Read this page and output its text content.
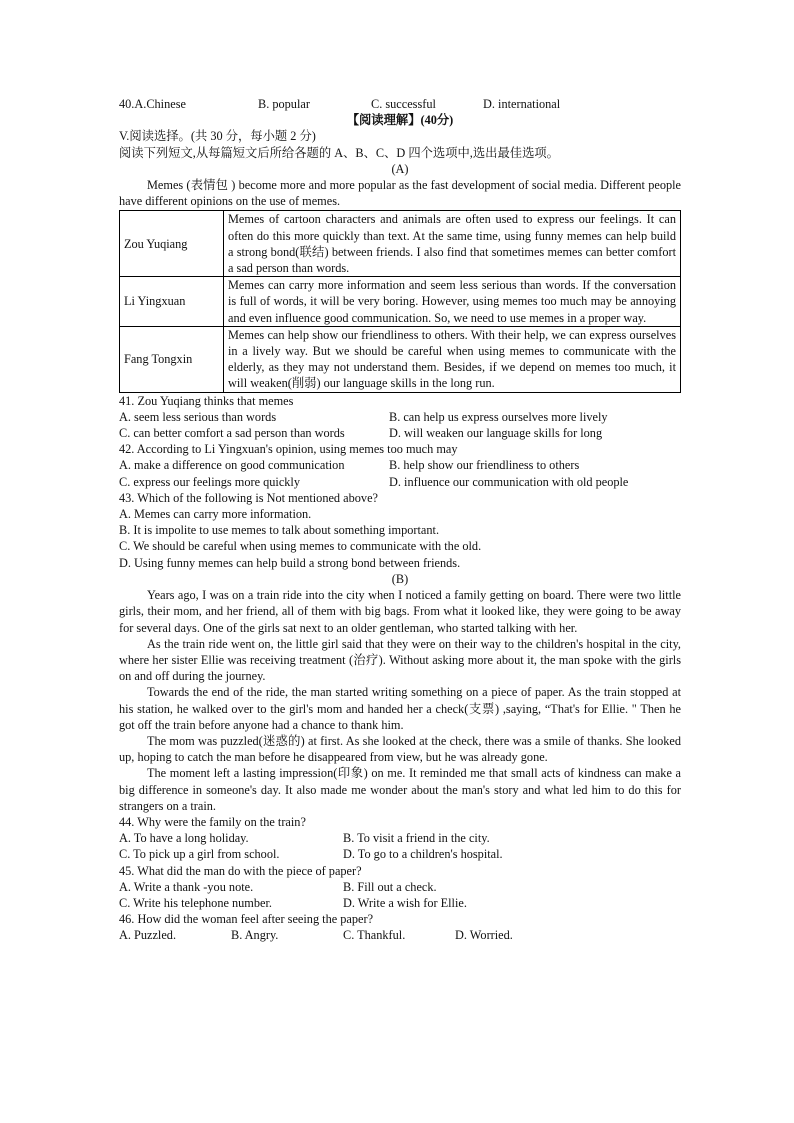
40.A.Chinese	B. popular	C. successful	D. international
【阅读理解】(40分)
V.阅读选择。(共 30 分，每小题 2 分)
阅读下列短文,从每篇短文后所给各题的 A、B、C、D 四个选项中,选出最佳选项。
(A)

Memes (表情包 ) become more and more popular as the fast development of social media. Different people have different opinions on the use of memes.

Zou Yuqiang	Memes of cartoon characters and animals are often used to express our feelings. It can often do this more quickly than text. At the same time, using funny memes can help build a strong bond(联结) between friends. I also find that sometimes memes can better comfort a sad person than words.
Li Yingxuan	Memes can carry more information and seem less serious than words. If the conversation is full of words, it will be very boring. However, using memes too much may be annoying and even influence good communication. So, we need to use memes in a proper way.
Fang Tongxin	Memes can help show our friendliness to others. With their help, we can express ourselves in a lively way. But we should be careful when using memes to communicate with the elderly, as they may not understand them. Besides, if we depend on memes too much, it will weaken(削弱) our language skills in the long run.
41. Zou Yuqiang thinks that memes
A. seem less serious than words	B. can help us express ourselves more lively
C. can better comfort a sad person than words	D. will weaken our language skills for long
42. According to Li Yingxuan's opinion, using memes too much may
A. make a difference on good communication	B. help show our friendliness to others
C. express our feelings more quickly	D. influence our communication with old people
43. Which of the following is Not mentioned above?
A. Memes can carry more information.
B. It is impolite to use memes to talk about something important.
C. We should be careful when using memes to communicate with the old.
D. Using funny memes can help build a strong bond between friends.
(B)

Years ago, I was on a train ride into the city when I noticed a family getting on board. There were two little girls, their mom, and her friend, all of them with big bags. From what it looked like, they were going to be away for several days. One of the girls sat next to an older gentleman, who started talking with her.

As the train ride went on, the little girl said that they were on their way to the children's hospital in the city, where her sister Ellie was receiving treatment (治疗). Without asking more about it, the man spoke with the girls on and off during the journey.

Towards the end of the ride, the man started writing something on a piece of paper. As the train stopped at his station, he walked over to the girl's mom and handed her a check(支票) ,saying, “That's for Ellie. " Then he got off the train before anyone had a chance to thank him.

The mom was puzzled(迷惑的) at first. As she looked at the check, there was a smile of thanks. She looked up, hoping to catch the man before he disappeared from view, but he was already gone.

The moment left a lasting impression(印象) on me. It reminded me that small acts of kindness can make a big difference in someone's day. It also made me wonder about the man's story and what led him to do this for strangers on a train.

44. Why were the family on the train?
A. To have a long holiday.	B. To visit a friend in the city.
C. To pick up a girl from school.	D. To go to a children's hospital.
45. What did the man do with the piece of paper?
A. Write a thank -you note.	B. Fill out a check.
C. Write his telephone number.	D. Write a wish for Ellie.
46. How did the woman feel after seeing the paper?
A. Puzzled.	B. Angry.	C. Thankful.	D. Worried.
